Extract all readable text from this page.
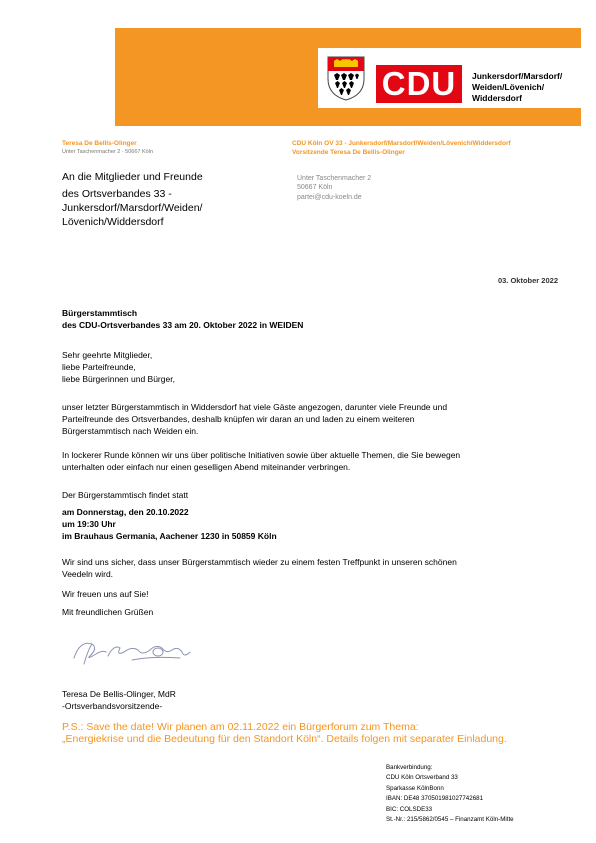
CDU	Junkersdorf/Marsdorf/
Weiden/Lövenich/
Widdersdorf
Teresa De Bellis-Olinger
Unter Taschenmacher 2 · 50667 Köln
CDU Köln OV 33 - Junkersdorf/Marsdorf/Weiden/Lövenich/Widdersdorf
Vorsitzende Teresa De Bellis-Olinger
An die Mitglieder und Freunde
des Ortsverbandes 33 -
Junkersdorf/Marsdorf/Weiden/
Lövenich/Widdersdorf
Unter Taschenmacher 2
50667 Köln
partei@cdu-koeln.de
03. Oktober 2022
Bürgerstammtisch
des CDU-Ortsverbandes 33 am 20. Oktober 2022 in WEIDEN
Sehr geehrte Mitglieder,
liebe Parteifreunde,
liebe Bürgerinnen und Bürger,
unser letzter Bürgerstammtisch in Widdersdorf hat viele Gäste angezogen, darunter viele Freunde und
Parteifreunde des Ortsverbandes, deshalb knüpfen wir daran an und laden zu einem weiteren
Bürgerstammtisch nach Weiden ein.
In lockerer Runde können wir uns über politische Initiativen sowie über aktuelle Themen, die Sie bewegen
unterhalten oder einfach nur einen geselligen Abend miteinander verbringen.
Der Bürgerstammtisch findet statt
am Donnerstag, den 20.10.2022
um 19:30 Uhr
im Brauhaus Germania, Aachener 1230 in 50859 Köln
Wir sind uns sicher, dass unser Bürgerstammtisch wieder zu einem festen Treffpunkt in unseren schönen
Veedeln wird.
Wir freuen uns auf Sie!
Mit freundlichen Grüßen
Teresa De Bellis-Olinger, MdR
-Ortsverbandsvorsitzende-
P.S.: Save the date! Wir planen am 02.11.2022 ein Bürgerforum zum Thema:
„Energiekrise und die Bedeutung für den Standort Köln“. Details folgen mit separater Einladung.
Bankverbindung:
CDU Köln Ortsverband 33
Sparkasse KölnBonn
IBAN: DE48 370501981027742681
BIC: COLSDE33
St.-Nr.: 215/5862/0545 – Finanzamt Köln-Mitte
